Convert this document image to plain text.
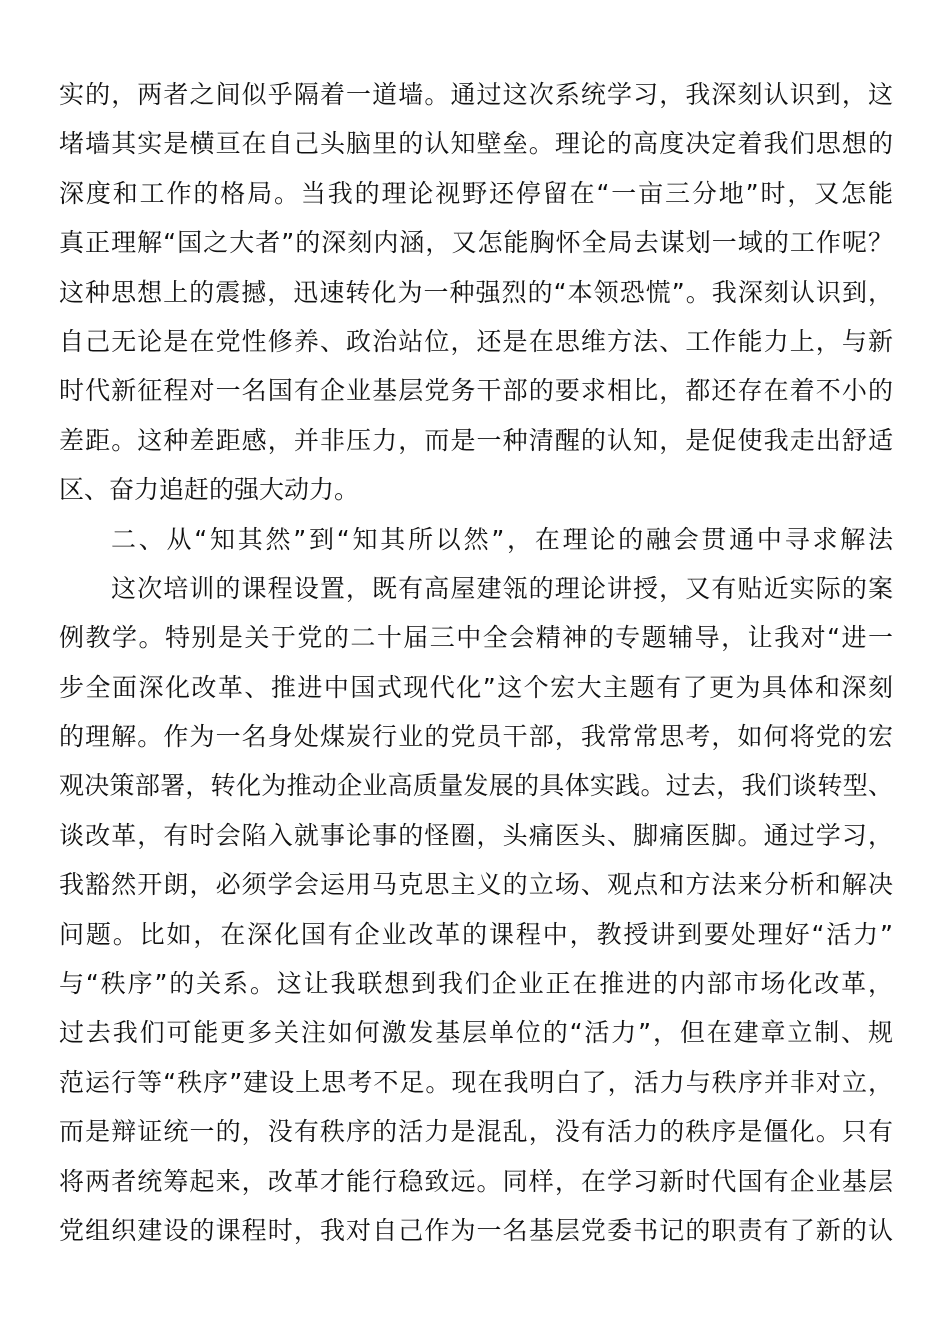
实的，两者之间似乎隔着一道墙。通过这次系统学习，我深刻认识到，这
堵墙其实是横亘在自己头脑里的认知壁垒。理论的高度决定着我们思想的
深度和工作的格局。当我的理论视野还停留在“一亩三分地”时，又怎能
真正理解“国之大者”的深刻内涵，又怎能胸怀全局去谋划一域的工作呢？
这种思想上的震撼，迅速转化为一种强烈的“本领恐慌”。我深刻认识到，
自己无论是在党性修养、政治站位，还是在思维方法、工作能力上，与新
时代新征程对一名国有企业基层党务干部的要求相比，都还存在着不小的
差距。这种差距感，并非压力，而是一种清醒的认知，是促使我走出舒适
区、奋力追赶的强大动力。
二、从“知其然”到“知其所以然”，在理论的融会贯通中寻求解法
这次培训的课程设置，既有高屋建瓴的理论讲授，又有贴近实际的案
例教学。特别是关于党的二十届三中全会精神的专题辅导，让我对“进一
步全面深化改革、推进中国式现代化”这个宏大主题有了更为具体和深刻
的理解。作为一名身处煤炭行业的党员干部，我常常思考，如何将党的宏
观决策部署，转化为推动企业高质量发展的具体实践。过去，我们谈转型、
谈改革，有时会陷入就事论事的怪圈，头痛医头、脚痛医脚。通过学习，
我豁然开朗，必须学会运用马克思主义的立场、观点和方法来分析和解决
问题。比如，在深化国有企业改革的课程中，教授讲到要处理好“活力”
与“秩序”的关系。这让我联想到我们企业正在推进的内部市场化改革，
过去我们可能更多关注如何激发基层单位的“活力”，但在建章立制、规
范运行等“秩序”建设上思考不足。现在我明白了，活力与秩序并非对立，
而是辩证统一的，没有秩序的活力是混乱，没有活力的秩序是僵化。只有
将两者统筹起来，改革才能行稳致远。同样，在学习新时代国有企业基层
党组织建设的课程时，我对自己作为一名基层党委书记的职责有了新的认
